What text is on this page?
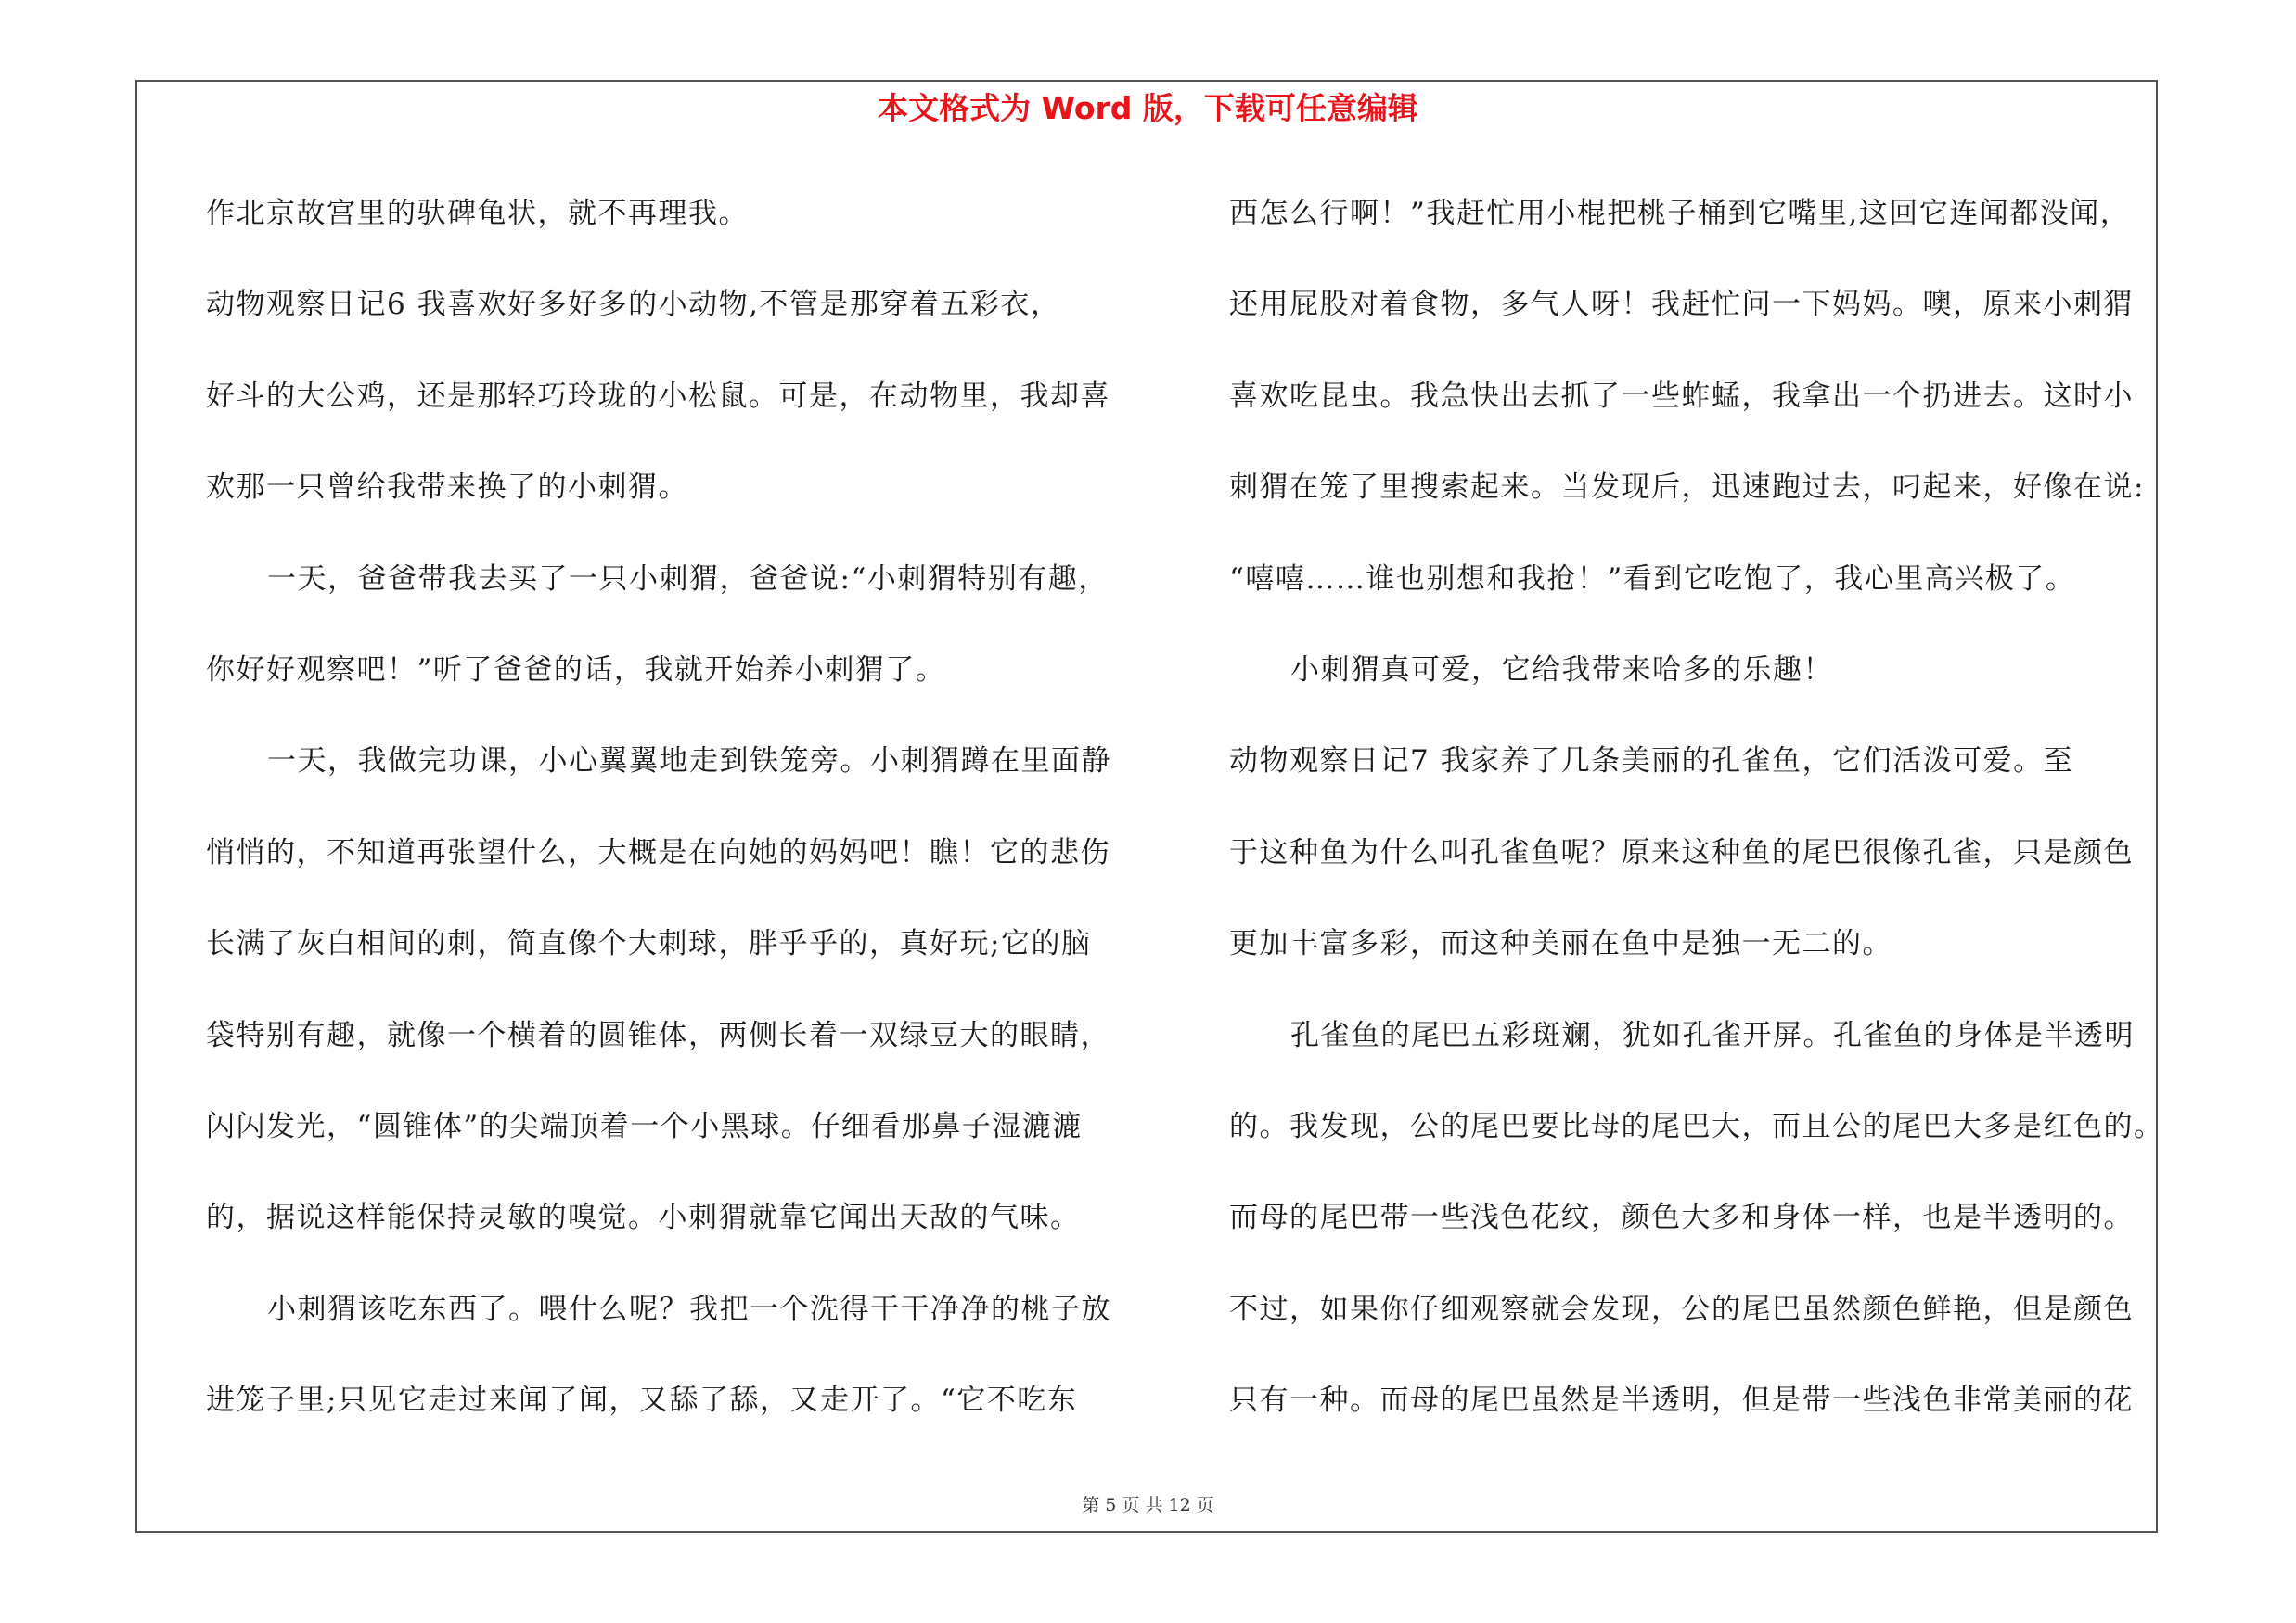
本文格式为 Word 版，下载可任意编辑
作北京故宫里的驮碑龟状，就不再理我。
动物观察日记6 我喜欢好多好多的小动物,不管是那穿着五彩衣，
好斗的大公鸡，还是那轻巧玲珑的小松鼠。可是，在动物里，我却喜
欢那一只曾给我带来换了的小刺猬。
一天，爸爸带我去买了一只小刺猬，爸爸说:“小刺猬特别有趣，
你好好观察吧！”听了爸爸的话，我就开始养小刺猬了。
一天，我做完功课，小心翼翼地走到铁笼旁。小刺猬蹲在里面静
悄悄的，不知道再张望什么，大概是在向她的妈妈吧！瞧！它的悲伤
长满了灰白相间的刺，简直像个大刺球，胖乎乎的，真好玩;它的脑
袋特别有趣，就像一个横着的圆锥体，两侧长着一双绿豆大的眼睛，
闪闪发光，“圆锥体”的尖端顶着一个小黑球。仔细看那鼻子湿漉漉
的，据说这样能保持灵敏的嗅觉。小刺猬就靠它闻出天敌的气味。
小刺猬该吃东西了。喂什么呢？我把一个洗得干干净净的桃子放
进笼子里;只见它走过来闻了闻，又舔了舔，又走开了。“它不吃东
西怎么行啊！”我赶忙用小棍把桃子桶到它嘴里,这回它连闻都没闻，
还用屁股对着食物，多气人呀！我赶忙问一下妈妈。噢，原来小刺猬
喜欢吃昆虫。我急快出去抓了一些蚱蜢，我拿出一个扔进去。这时小
刺猬在笼了里搜索起来。当发现后，迅速跑过去，叼起来，好像在说:
“嘻嘻……谁也别想和我抢！”看到它吃饱了，我心里高兴极了。
小刺猬真可爱，它给我带来哈多的乐趣！
动物观察日记7 我家养了几条美丽的孔雀鱼，它们活泼可爱。至
于这种鱼为什么叫孔雀鱼呢？原来这种鱼的尾巴很像孔雀，只是颜色
更加丰富多彩，而这种美丽在鱼中是独一无二的。
孔雀鱼的尾巴五彩斑斓，犹如孔雀开屏。孔雀鱼的身体是半透明
的。我发现，公的尾巴要比母的尾巴大，而且公的尾巴大多是红色的。
而母的尾巴带一些浅色花纹，颜色大多和身体一样，也是半透明的。
不过，如果你仔细观察就会发现，公的尾巴虽然颜色鲜艳，但是颜色
只有一种。而母的尾巴虽然是半透明，但是带一些浅色非常美丽的花
第 5 页 共 12 页
